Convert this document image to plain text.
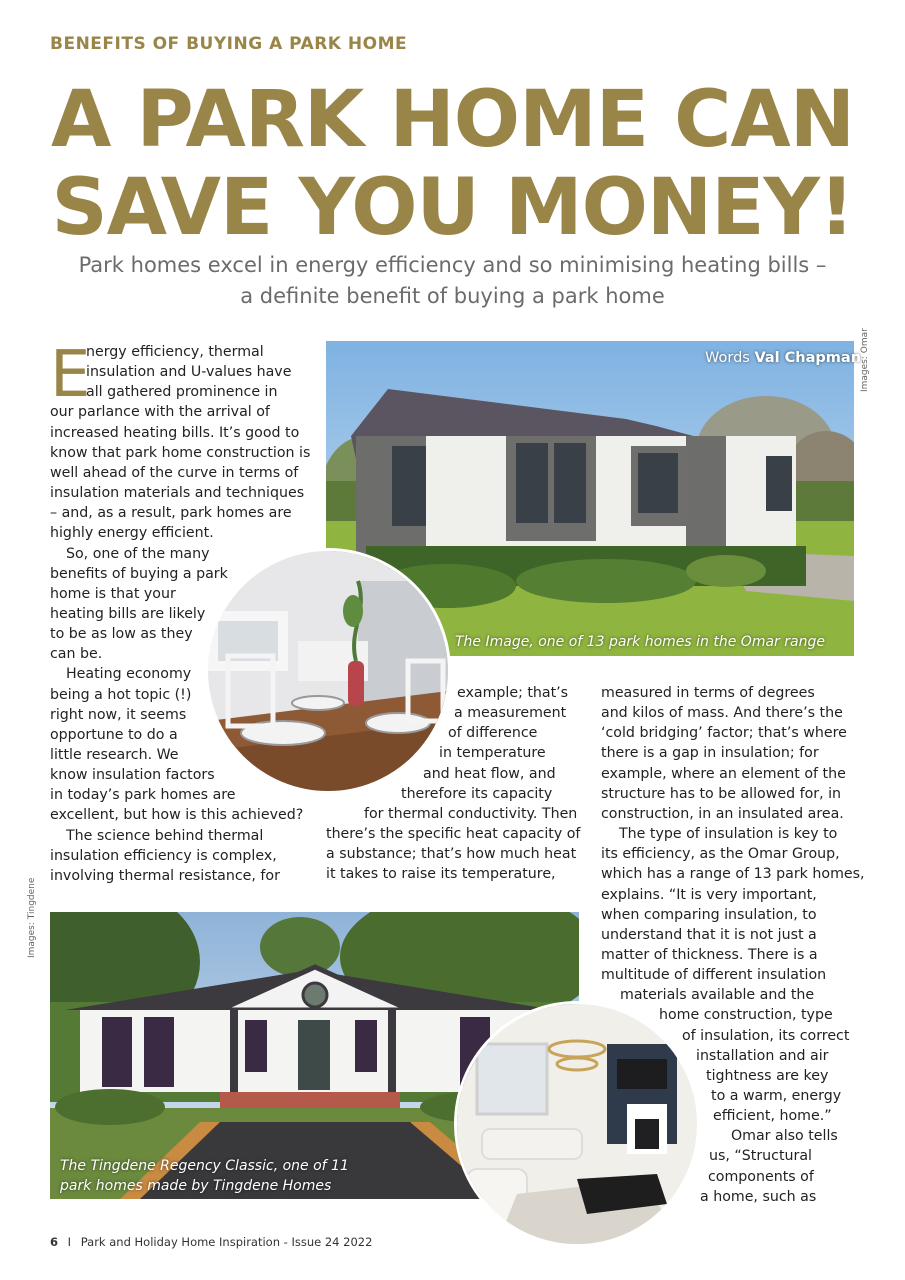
BENEFITS OF BUYING A PARK HOME
A PARK HOME CAN
SAVE YOU MONEY!
Park homes excel in energy efficiency and so minimising heating bills –
a definite benefit of buying a park home
Words Val Chapman
The Image, one of 13 park homes in the Omar range
Images: Omar
E
nergy efficiency, thermal
insulation and U-values have
all gathered prominence in
our parlance with the arrival of
increased heating bills. It’s good to
know that park home construction is
well ahead of the curve in terms of
insulation materials and techniques
– and, as a result, park homes are
highly energy efficient.
So, one of the many
benefits of buying a park
home is that your
heating bills are likely
to be as low as they
can be.
Heating economy
being a hot topic (!)
right now, it seems
opportune to do a
little research. We
know insulation factors
in today’s park homes are
excellent, but how is this achieved?
The science behind thermal
insulation efficiency is complex,
involving thermal resistance, for
example; that’s
a measurement
of difference
in temperature
and heat flow, and
therefore its capacity
for thermal conductivity. Then
there’s the specific heat capacity of
a substance; that’s how much heat
it takes to raise its temperature,
measured in terms of degrees
and kilos of mass. And there’s the
‘cold bridging’ factor; that’s where
there is a gap in insulation; for
example, where an element of the
structure has to be allowed for, in
construction, in an insulated area.
The type of insulation is key to
its efficiency, as the Omar Group,
which has a range of 13 park homes,
explains. “It is very important,
when comparing insulation, to
understand that it is not just a
matter of thickness. There is a
multitude of different insulation
materials available and the
home construction, type
of insulation, its correct
installation and air
tightness are key
to a warm, energy
efficient, home.”
Omar also tells
us, “Structural
components of
a home, such as
Images: Tingdene
The Tingdene Regency Classic, one of 11
park homes made by Tingdene Homes
6 I Park and Holiday Home Inspiration - Issue 24 2022
